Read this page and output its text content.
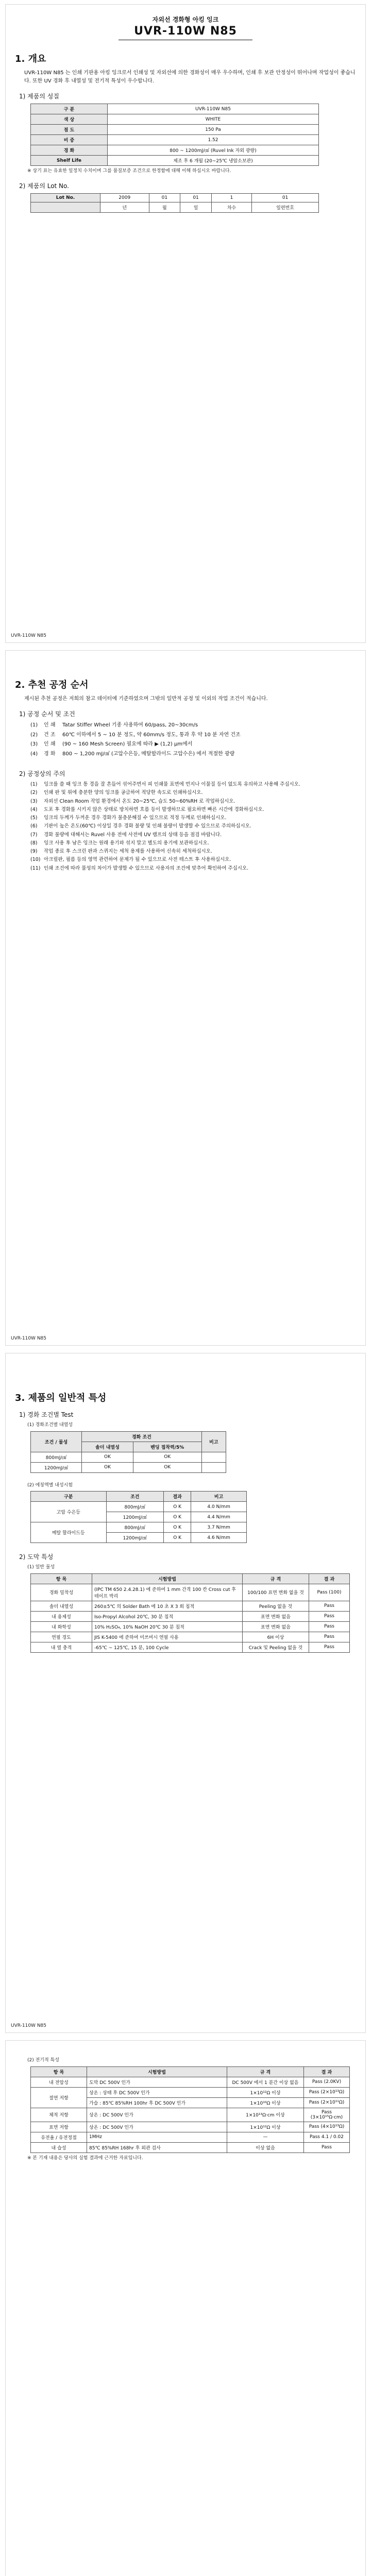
자외선 경화형 아킹 잉크
UVR-110W N85
1. 개요
UVR-110W N85 는 인쇄 기판용 아킹 잉크로서 인쇄성 및 자외선에 의한 경화성이 매우 우수하며, 인쇄 후 보관 안정성이 뛰어나며 작업성이 좋습니다. 또한 UV 경화 후 내열성 및 전기적 특성이 우수합니다.
1) 제품의 성질
구 분	UVR-110W N85
색 상	WHITE
점 도	150 Pa
비 중	1.52
경 화	800 ~ 1200mJ/㎠ (Ruvel Ink 자외 광량)
Shelf Life	제조 후 6 개월 (20~25℃ 냉암소보관)
※ 상기 표는 유효한 일정치 수치이며 그를 품질보증 조건으로 한정함에 대해 이해 하십시오 바랍니다.
2) 제품의 Lot No.
Lot No.	2009	01	01	1	01
	년	월	일	차수	일련번호
UVR-110W N85
2. 추천 공정 순서
제시된 추천 공정은 저희의 참고 데이터에 기준하였으며 그밖의 일반적 공정 및 이외의 작업 조건이 적습니다.
1) 공정 순서 및 조건
(1) 인 쇄 Tatar Stiffer Wheel 기종 사용하여 60/pass, 20~30cm/s
(2) 건 조 60℃ 이하에서 5 ~ 10 분 정도, 약 60mm/s 정도, 통과 후 약 10 분 자연 건조
(3) 인 쇄 (90 ~ 160 Mesh Screen) 필요에 따라 ▶ (1,2) μm에서
(4) 경 화 800 ~ 1,200 mJ/㎠ (고압수은등, 메탈할라이드 고압수은) 에서 적절한 광량
2) 공정상의 주의
(1)	잉크를 쓸 때 잉크 통 경을 잘 흔들어 섞어주면서 피 인쇄물 표면에 먼지나 이물질 등이 없도록 유의하고 사용해 주십시오.
(2)	인쇄 판 및 위에 충분한 양의 잉크를 공급하여 적당한 속도로 인쇄하십시오.
(3)	자외선 Clean Room 작업 환경에서 온도 20~25℃, 습도 50~60%RH 로 작업하십시오.
(4)	도포 후 경화를 시키지 않은 상태로 방치하면 흐름 등이 발생하므로 필요하면 빠른 시간에 경화하십시오.
(5)	잉크의 두께가 두꺼운 경우 경화가 불충분해질 수 있으므로 적정 두께로 인쇄하십시오.
(6)	기판이 높은 온도(60℃) 이상일 경우 경화 불량 및 인쇄 불량이 발생할 수 있으므로 주의하십시오.
(7)	경화 불량에 대해서는 Ruvel 사용 전에 사전에 UV 램프의 상태 등을 점검 바랍니다.
(8)	잉크 사용 후 남은 잉크는 원래 용기와 섞지 말고 별도의 용기에 보관하십시오.
(9)	작업 종료 후 스크린 판과 스퀴지는 세척 용제를 사용하여 신속히 세척하십시오.
(10) 아크릴판, 필름 등의 영역 관련하여 문제가 될 수 있으므로 사전 테스트 후 사용하십시오.
(11) 인쇄 조건에 따라 물성의 차이가 발생할 수 있으므로 사용자의 조건에 맞추어 확인하여 주십시오.
UVR-110W N85
3. 제품의 일반적 특성
1) 경화 조건별 Test
(1) 경화조건별 내열성
조건 / 물성	경화 조건		비고
	솔더 내열성	벤딩 접착력/5%	
800mJ/㎠	OK	OK	
1200mJ/㎠	OK	OK	
(2) 에칭액별 내성시험
구분	조건	결과	비고
고압 수은등	800mJ/㎠	O K	4.0 N/mm
	1200mJ/㎠	O K	4.4 N/mm
메탈 할라이드등	800mJ/㎠	O K	3.7 N/mm
	1200mJ/㎠	O K	4.6 N/mm
2) 도막 특성
(1) 일반 물성
항 목	시험방법	규 격	결 과
경화 밀착성	(IPC TM 650 2.4.28.1) 에 준하여 1 mm 간격 100 칸 Cross cut 후 테이프 박리	100/100 표면 변화 없을 것	Pass (100)
솔더 내열성	260±5℃ 의 Solder Bath 에 10 초 X 3 회 침적	Peeling 없을 것	Pass
내 용제성	Iso-Propyl Alcohol 20℃, 30 분 침적	표면 변화 없음	Pass
내 화학성	10% H₂SO₄, 10% NaOH 20℃ 30 분 침적	표면 변화 없음	Pass
연필 경도	JIS K-5400 에 준하여 미쓰비시 연필 사용	6H 이상	Pass
내 열 충격	-65℃ ~ 125℃, 15 분, 100 Cycle	Crack 및 Peeling 없을 것	Pass
UVR-110W N85
(2) 전기적 특성
항 목	시험방법	규 격	결 과
내 전압성	도막 DC 500V 인가	DC 500V 에서 1 분간 이상 없음	Pass (2.0KV)
절연 저항	상온 : 상태 후 DC 500V 인가	1×10¹²Ω 이상	Pass (2×10¹³Ω)
	가습 : 85℃ 85%RH 100hr 후 DC 500V 인가	1×10¹⁰Ω 이상	Pass (2×10¹¹Ω)
체적 저항	상온 : DC 500V 인가	1×10¹³Ω·cm 이상	Pass (3×10¹⁵Ω·cm)
표면 저항	상온 : DC 500V 인가	1×10¹²Ω 이상	Pass (4×10¹³Ω)
유전율 / 유전정접	1MHz	—	Pass 4.1 / 0.02
내 습성	85℃ 85%RH 168hr 후 외관 검사	이상 없음	Pass
※ 본 기재 내용은 당사의 실험 결과에 근거한 자료입니다.
